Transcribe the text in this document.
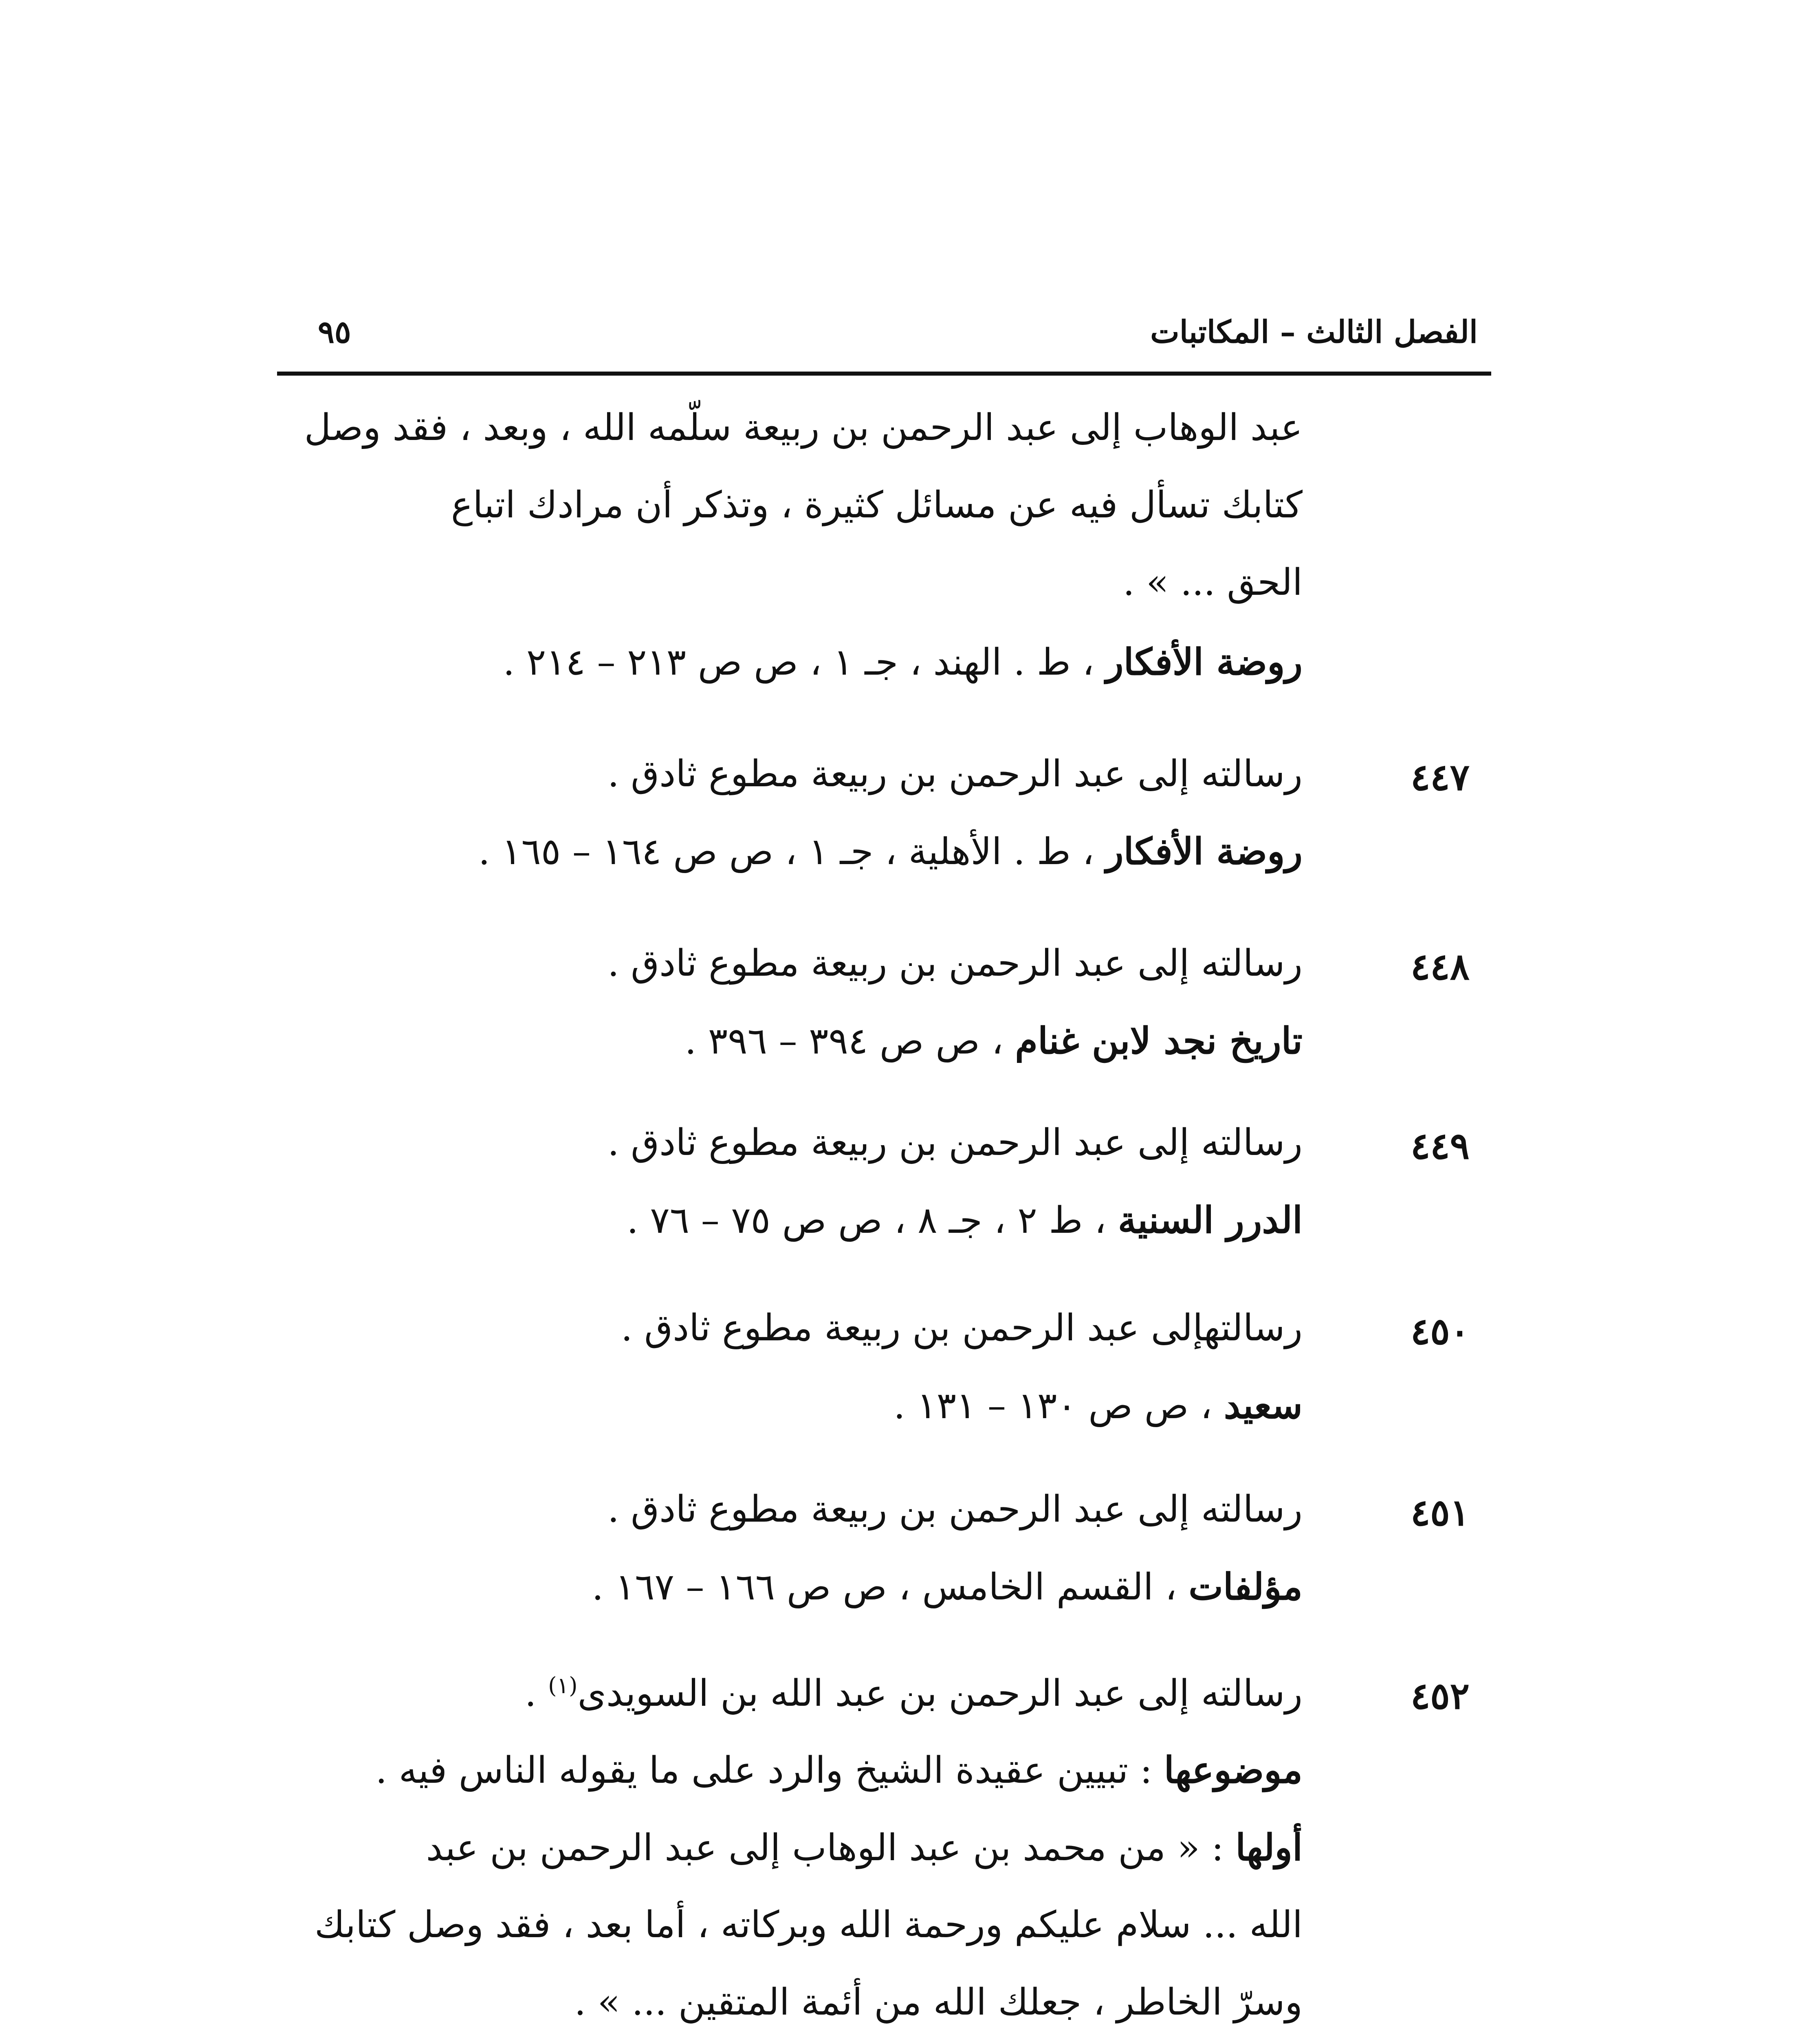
الفصل الثالث – المكاتبات
٩٥
عبد الوهاب إلى عبد الرحمن بن ربيعة سلّمه الله ، وبعد ، فقد وصل
كتابك تسأل فيه عن مسائل كثيرة ، وتذكر أن مرادك اتباع
الحق ... » .
روضة الأفكار ، ط . الهند ، جـ ١ ، ص ص ٢١٣ – ٢١٤ .
٤٤٧
رسالته إلى عبد الرحمن بن ربيعة مطوع ثادق .
روضة الأفكار ، ط . الأهلية ، جـ ١ ، ص ص ١٦٤ – ١٦٥ .
٤٤٨
رسالته إلى عبد الرحمن بن ربيعة مطوع ثادق .
تاريخ نجد لابن غنام ، ص ص ٣٩٤ – ٣٩٦ .
٤٤٩
رسالته إلى عبد الرحمن بن ربيعة مطوع ثادق .
الدرر السنية ، ط ٢ ، جـ ٨ ، ص ص ٧٥ – ٧٦ .
٤٥٠
رسالتهإلى عبد الرحمن بن ربيعة مطوع ثادق .
سعيد ، ص ص ١٣٠ – ١٣١ .
٤٥١
رسالته إلى عبد الرحمن بن ربيعة مطوع ثادق .
مؤلفات ، القسم الخامس ، ص ص ١٦٦ – ١٦٧ .
٤٥٢
رسالته إلى عبد الرحمن بن عبد الله بن السويدى$^{(١)}$ .
موضوعها : تبيين عقيدة الشيخ والرد على ما يقوله الناس فيه .
أولها : « من محمد بن عبد الوهاب إلى عبد الرحمن بن عبد
الله ... سلام عليكم ورحمة الله وبركاته ، أما بعد ، فقد وصل كتابك
وسرّ الخاطر ، جعلك الله من أئمة المتقين ... » .
